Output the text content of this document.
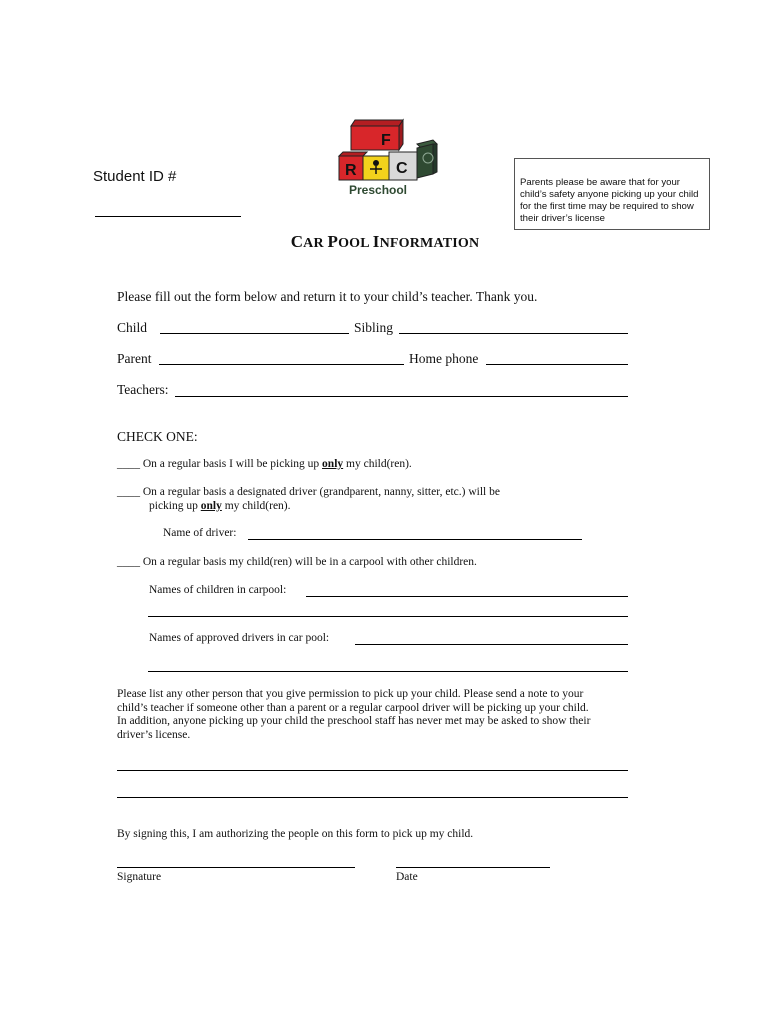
F
R C
Preschool
Student ID #	Parents please be aware that for your child’s safety anyone picking up your child for the first time may be required to show their driver’s license
CAR POOL INFORMATION
Please fill out the form below and return it to your child’s teacher. Thank you.
Child	Sibling
Parent	Home phone
Teachers:
CHECK ONE:
____ On a regular basis I will be picking up only my child(ren).
____ On a regular basis a designated driver (grandparent, nanny, sitter, etc.) will be
picking up only my child(ren).
Name of driver:
____ On a regular basis my child(ren) will be in a carpool with other children.
Names of children in carpool:
Names of approved drivers in car pool:
Please list any other person that you give permission to pick up your child. Please send a note to your
child’s teacher if someone other than a parent or a regular carpool driver will be picking up your child.
In addition, anyone picking up your child the preschool staff has never met may be asked to show their
driver’s license.
By signing this, I am authorizing the people on this form to pick up my child.
Signature	Date
